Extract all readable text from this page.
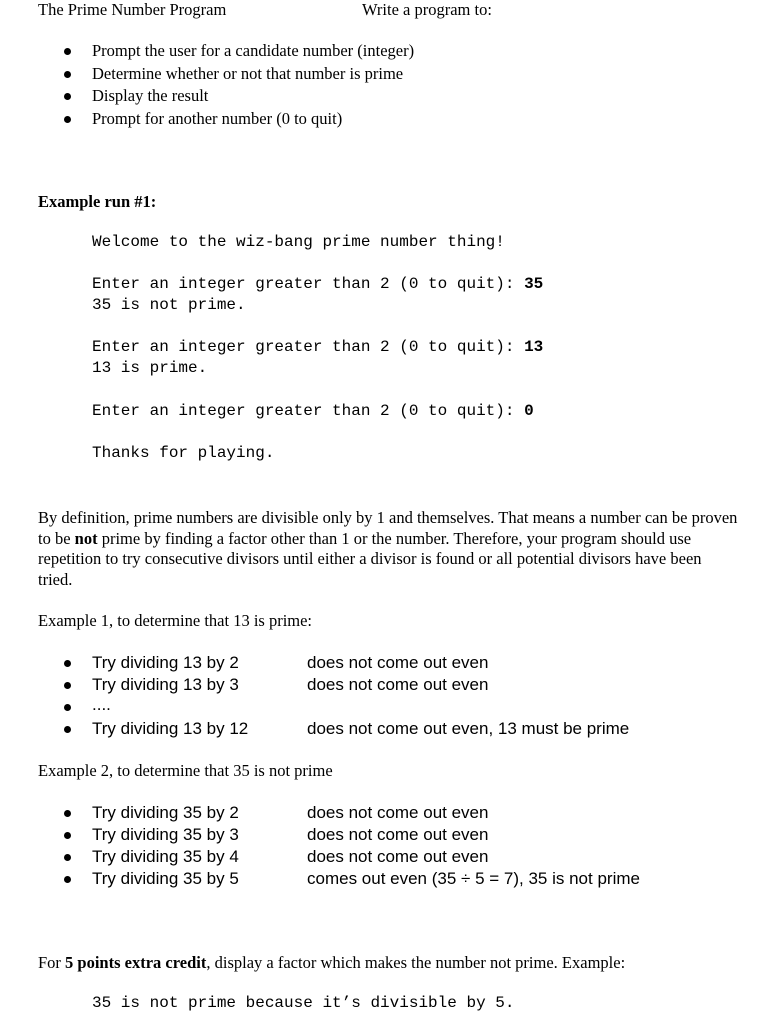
The Prime Number Program	Write a program to:
Prompt the user for a candidate number (integer)
Determine whether or not that number is prime
Display the result
Prompt for another number (0 to quit)
Example run #1:
Welcome to the wiz-bang prime number thing!
Enter an integer greater than 2 (0 to quit): 35
35 is not prime.
Enter an integer greater than 2 (0 to quit): 13
13 is prime.
Enter an integer greater than 2 (0 to quit): 0
Thanks for playing.
By definition, prime numbers are divisible only by 1 and themselves. That means a number can be proven to be not prime by finding a factor other than 1 or the number. Therefore, your program should use repetition to try consecutive divisors until either a divisor is found or all potential divisors have been tried.
Example 1, to determine that 13 is prime:
Try dividing 13 by 2	does not come out even
Try dividing 13 by 3	does not come out even
....
Try dividing 13 by 12	does not come out even, 13 must be prime
Example 2, to determine that 35 is not prime
Try dividing 35 by 2	does not come out even
Try dividing 35 by 3	does not come out even
Try dividing 35 by 4	does not come out even
Try dividing 35 by 5	comes out even (35 ÷ 5 = 7), 35 is not prime
For 5 points extra credit, display a factor which makes the number not prime. Example:
35 is not prime because it’s divisible by 5.
